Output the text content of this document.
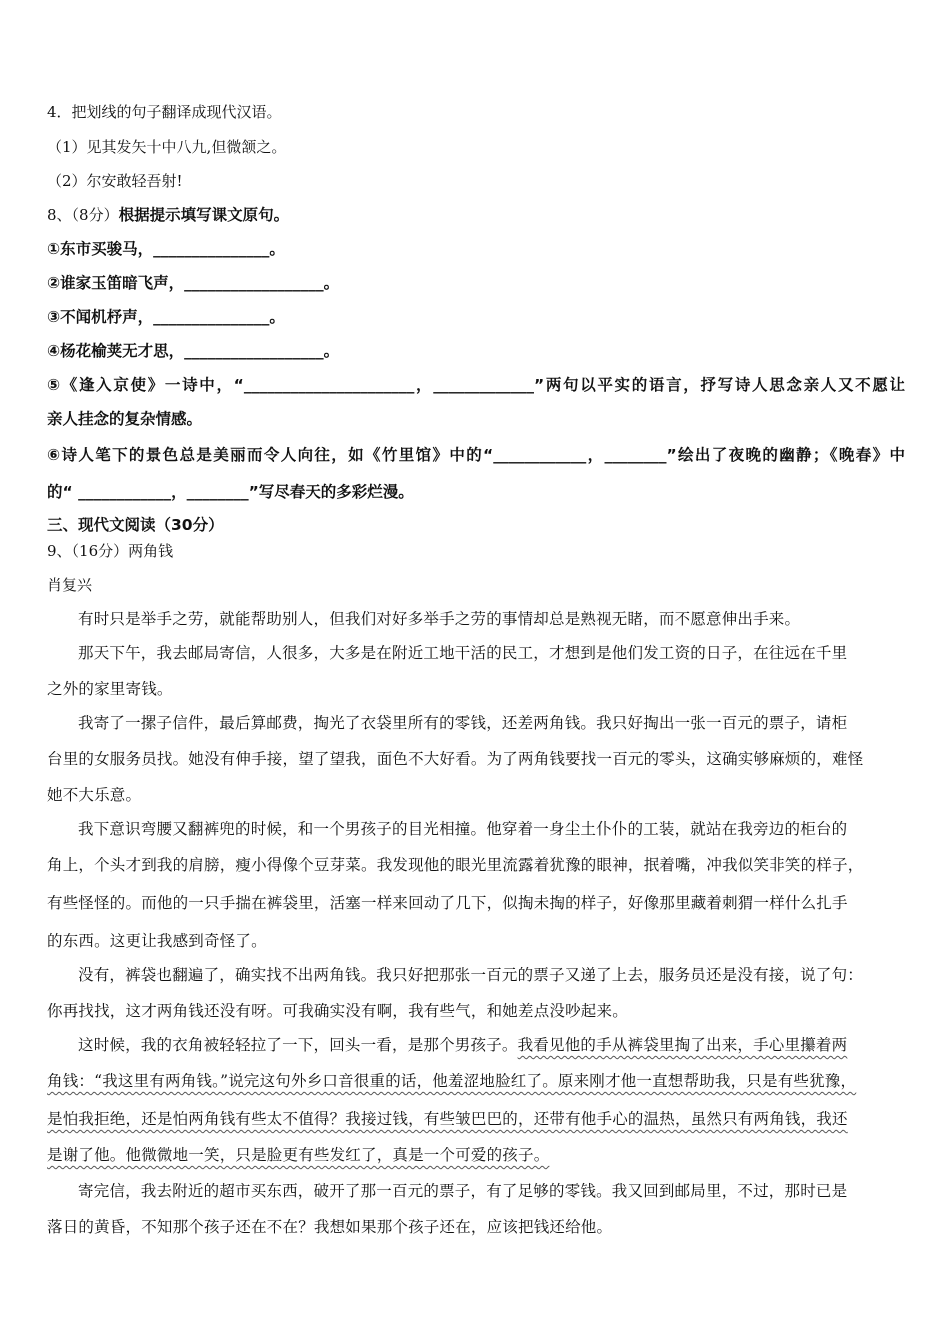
4．把划线的句子翻译成现代汉语。
（1）见其发矢十中八九,但微颔之。
（2）尔安敢轻吾射!
8、（8分）根据提示填写课文原句。
①东市买骏马，_______________。
②谁家玉笛暗飞声，__________________。
③不闻机杼声，_______________。
④杨花榆荚无才思，__________________。
⑤《逢入京使》一诗中，“______________________，_____________”两句以平实的语言，抒写诗人思念亲人又不愿让
亲人挂念的复杂情感。
⑥诗人笔下的景色总是美丽而令人向往，如《竹里馆》中的“____________，________”绘出了夜晚的幽静；《晚春》中
的“ ____________，________”写尽春天的多彩烂漫。
三、现代文阅读（30分）
9、（16分）两角钱
肖复兴
有时只是举手之劳，就能帮助别人，但我们对好多举手之劳的事情却总是熟视无睹，而不愿意伸出手来。
那天下午，我去邮局寄信，人很多，大多是在附近工地干活的民工，才想到是他们发工资的日子，在往远在千里
之外的家里寄钱。
我寄了一摞子信件，最后算邮费，掏光了衣袋里所有的零钱，还差两角钱。我只好掏出一张一百元的票子，请柜
台里的女服务员找。她没有伸手接，望了望我，面色不大好看。为了两角钱要找一百元的零头，这确实够麻烦的，难怪
她不大乐意。
我下意识弯腰又翻裤兜的时候，和一个男孩子的目光相撞。他穿着一身尘土仆仆的工装，就站在我旁边的柜台的
角上，个头才到我的肩膀，瘦小得像个豆芽菜。我发现他的眼光里流露着犹豫的眼神，抿着嘴，冲我似笑非笑的样子，
有些怪怪的。而他的一只手揣在裤袋里，活塞一样来回动了几下，似掏未掏的样子，好像那里藏着刺猬一样什么扎手
的东西。这更让我感到奇怪了。
没有，裤袋也翻遍了，确实找不出两角钱。我只好把那张一百元的票子又递了上去，服务员还是没有接，说了句：
你再找找，这才两角钱还没有呀。可我确实没有啊，我有些气，和她差点没吵起来。
这时候，我的衣角被轻轻拉了一下，回头一看，是那个男孩子。我看见他的手从裤袋里掏了出来，手心里攥着两
角钱：“我这里有两角钱。”说完这句外乡口音很重的话，他羞涩地脸红了。原来刚才他一直想帮助我，只是有些犹豫，
是怕我拒绝，还是怕两角钱有些太不值得？我接过钱，有些皱巴巴的，还带有他手心的温热，虽然只有两角钱，我还
是谢了他。他微微地一笑，只是脸更有些发红了，真是一个可爱的孩子。
寄完信，我去附近的超市买东西，破开了那一百元的票子，有了足够的零钱。我又回到邮局里，不过，那时已是
落日的黄昏，不知那个孩子还在不在？我想如果那个孩子还在，应该把钱还给他。
